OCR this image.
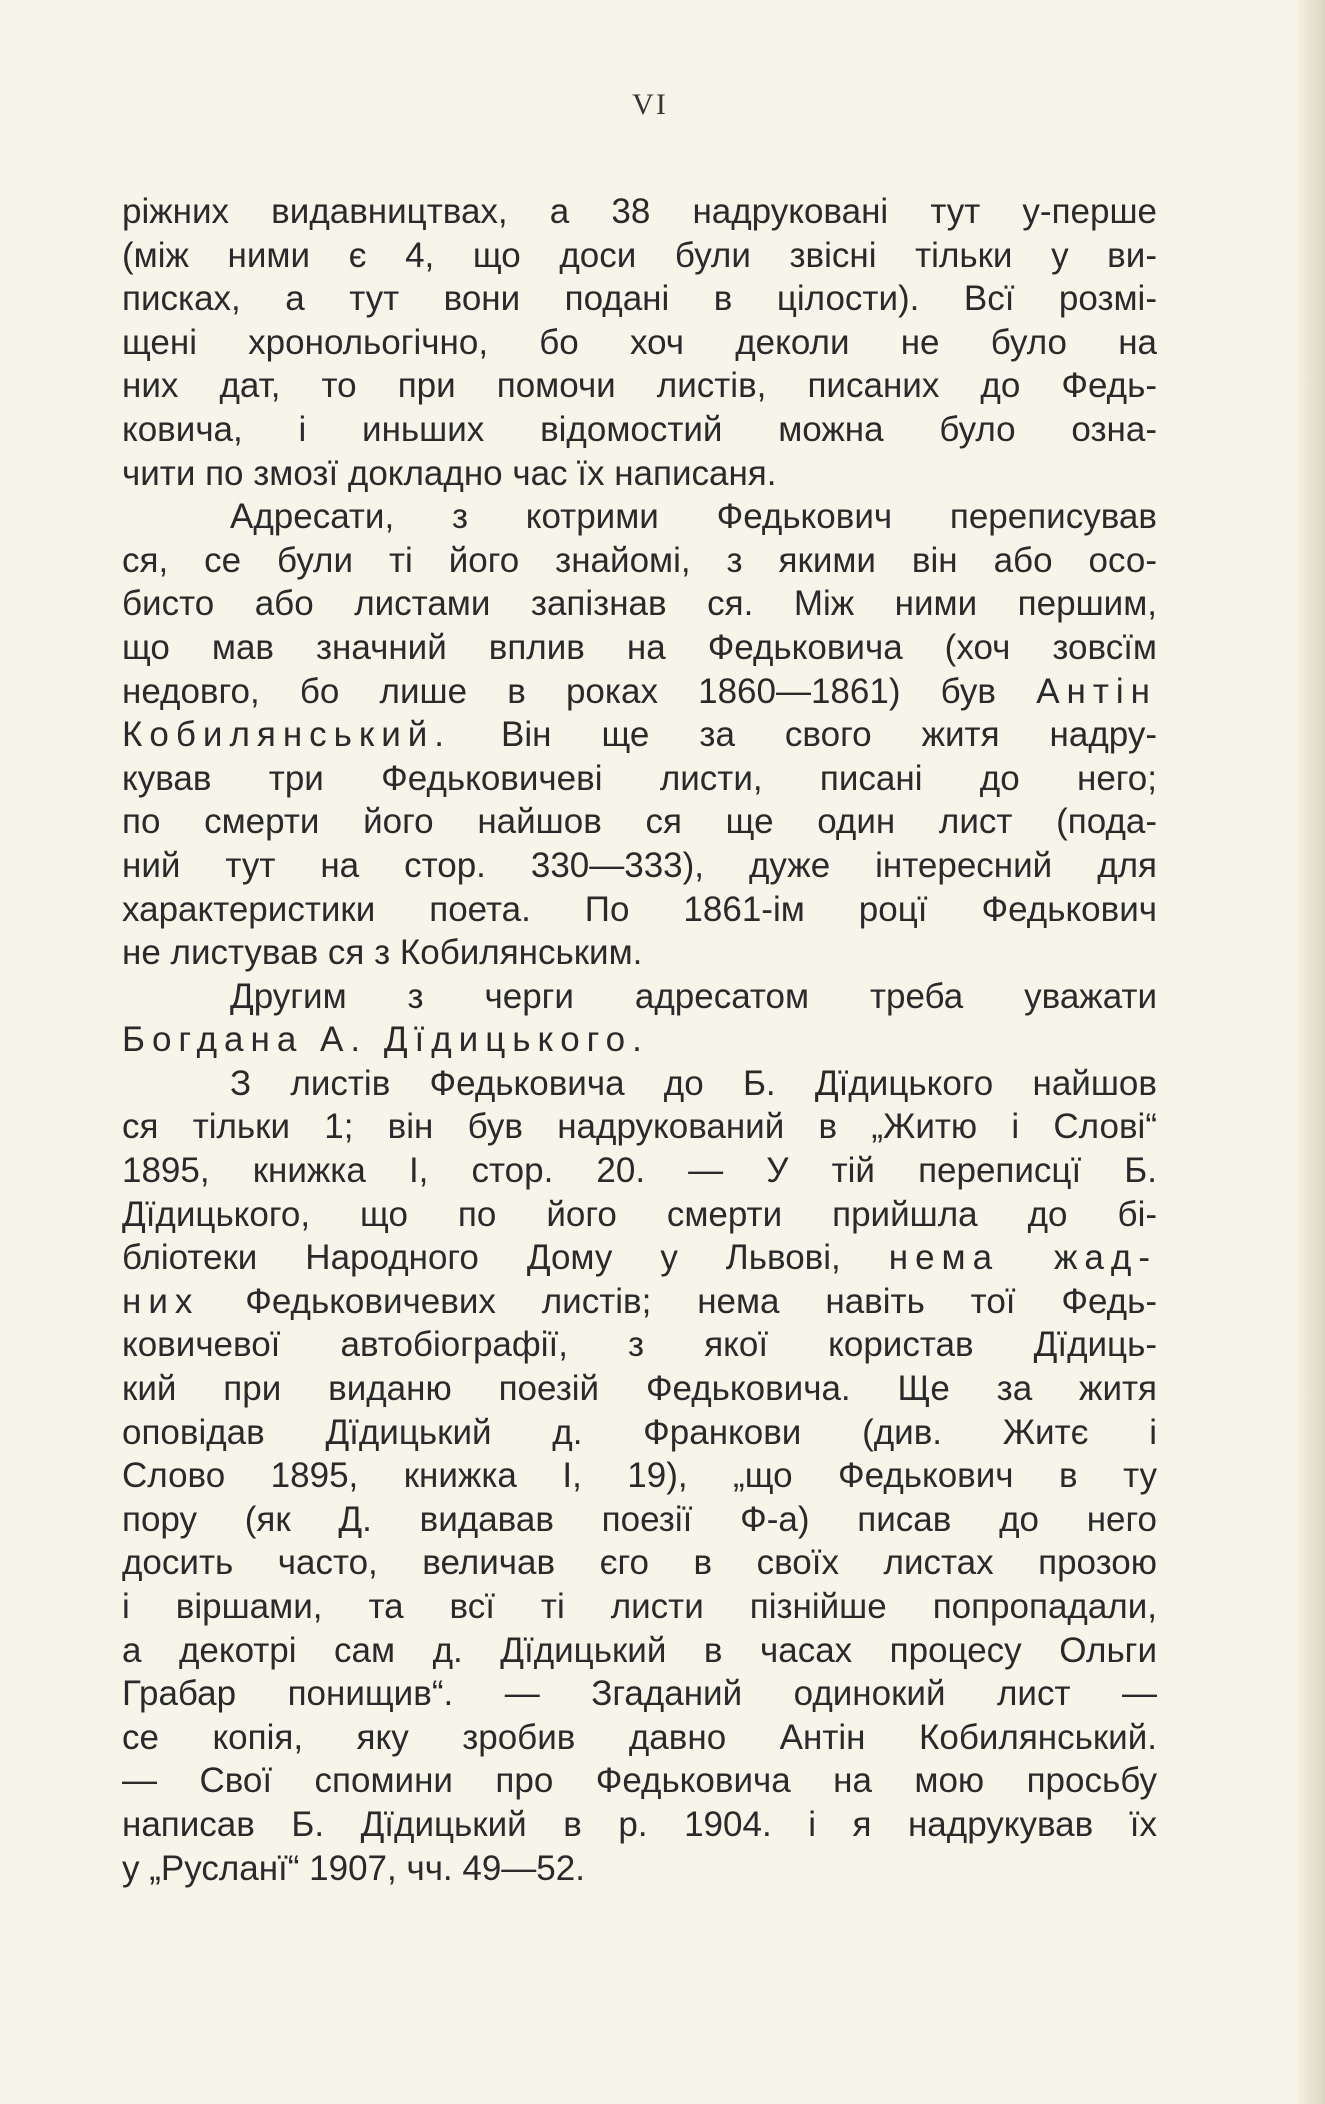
VI
ріжних видавництвах, а 38 надруковані тут у-перше
(між ними є 4, що доси були звісні тільки у ви-
писках, а тут вони подані в цілости). Всї розмі-
щені хронольогічно, бо хоч деколи не було на
них дат, то при помочи листів, писаних до Федь-
ковича, і иньших відомостий можна було озна-
чити по змозї докладно час їх написаня.
Адресати, з котрими Федькович переписував
ся, се були ті його знайомі, з якими він або осо-
бисто або листами запізнав ся. Між ними першим,
що мав значний вплив на Федьковича (хоч зовсїм
недовго, бо лише в роках 1860—1861) був Антін
Кобилянський. Він ще за свого житя надру-
кував три Федьковичеві листи, писані до него;
по смерти його найшов ся ще один лист (пода-
ний тут на стор. 330—333), дуже інтересний для
характеристики поета. По 1861-ім роцї Федькович
не листував ся з Кобилянським.
Другим з черги адресатом треба уважати
Богдана А. Дїдицького.
З листів Федьковича до Б. Дїдицького найшов
ся тільки 1; він був надрукований в „Житю і Слові“
1895, книжка I, стор. 20. — У тій переписцї Б.
Дїдицького, що по його смерти прийшла до бі-
бліотеки Народного Дому у Львові, нема жад-
них Федьковичевих листів; нема навіть тої Федь-
ковичевої автобіографії, з якої користав Дїдиць-
кий при виданю поезій Федьковича. Ще за житя
оповідав Дїдицький д. Франкови (див. Житє і
Слово 1895, книжка I, 19), „що Федькович в ту
пору (як Д. видавав поезії Ф-а) писав до него
досить часто, величав єго в своїх листах прозою
і віршами, та всї ті листи пізнійше попропадали,
а декотрі сам д. Дїдицький в часах процесу Ольги
Грабар понищив“. — Згаданий одинокий лист —
се копія, яку зробив давно Антін Кобилянський.
— Свої спомини про Федьковича на мою просьбу
написав Б. Дїдицький в р. 1904. і я надрукував їх
у „Русланї“ 1907, чч. 49—52.
